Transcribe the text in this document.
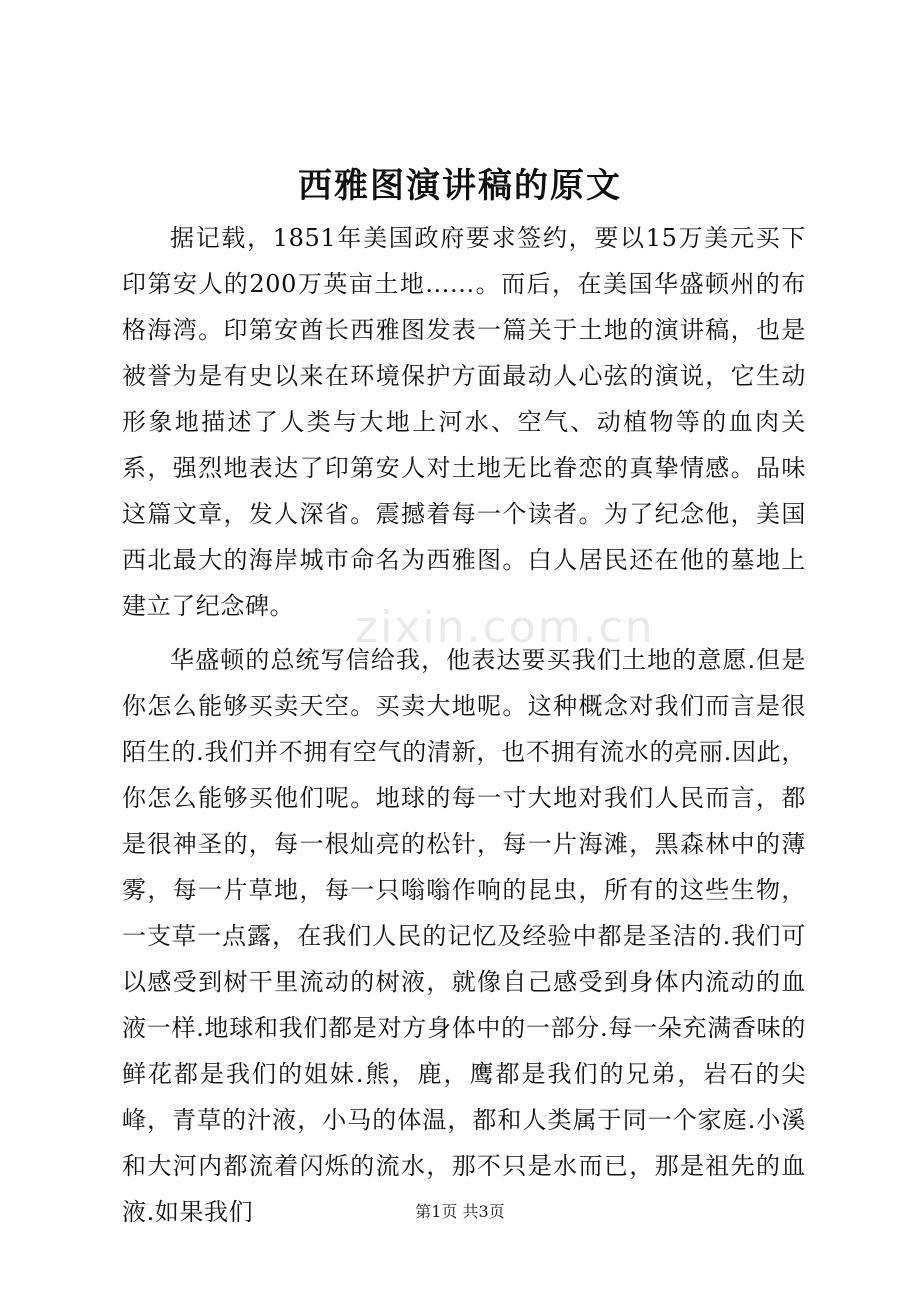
西雅图演讲稿的原文

据记载，1851年美国政府要求签约，要以15万美元买下印第安人的200万英亩土地......。而后，在美国华盛顿州的布格海湾。印第安酋长西雅图发表一篇关于土地的演讲稿，也是被誉为是有史以来在环境保护方面最动人心弦的演说，它生动形象地描述了人类与大地上河水、空气、动植物等的血肉关系，强烈地表达了印第安人对土地无比眷恋的真挚情感。品味这篇文章，发人深省。震撼着每一个读者。为了纪念他，美国西北最大的海岸城市命名为西雅图。白人居民还在他的墓地上建立了纪念碑。

华盛顿的总统写信给我，他表达要买我们土地的意愿.但是你怎么能够买卖天空。买卖大地呢。这种概念对我们而言是很陌生的.我们并不拥有空气的清新，也不拥有流水的亮丽.因此，你怎么能够买他们呢。地球的每一寸大地对我们人民而言，都是很神圣的，每一根灿亮的松针，每一片海滩，黑森林中的薄雾，每一片草地，每一只嗡嗡作响的昆虫，所有的这些生物，一支草一点露，在我们人民的记忆及经验中都是圣洁的.我们可以感受到树干里流动的树液，就像自己感受到身体内流动的血液一样.地球和我们都是对方身体中的一部分.每一朵充满香味的鲜花都是我们的姐妹.熊，鹿，鹰都是我们的兄弟，岩石的尖峰，青草的汁液，小马的体温，都和人类属于同一个家庭.小溪和大河内都流着闪烁的流水，那不只是水而已，那是祖先的血液.如果我们

zixin.com.cn
第1页 共3页
